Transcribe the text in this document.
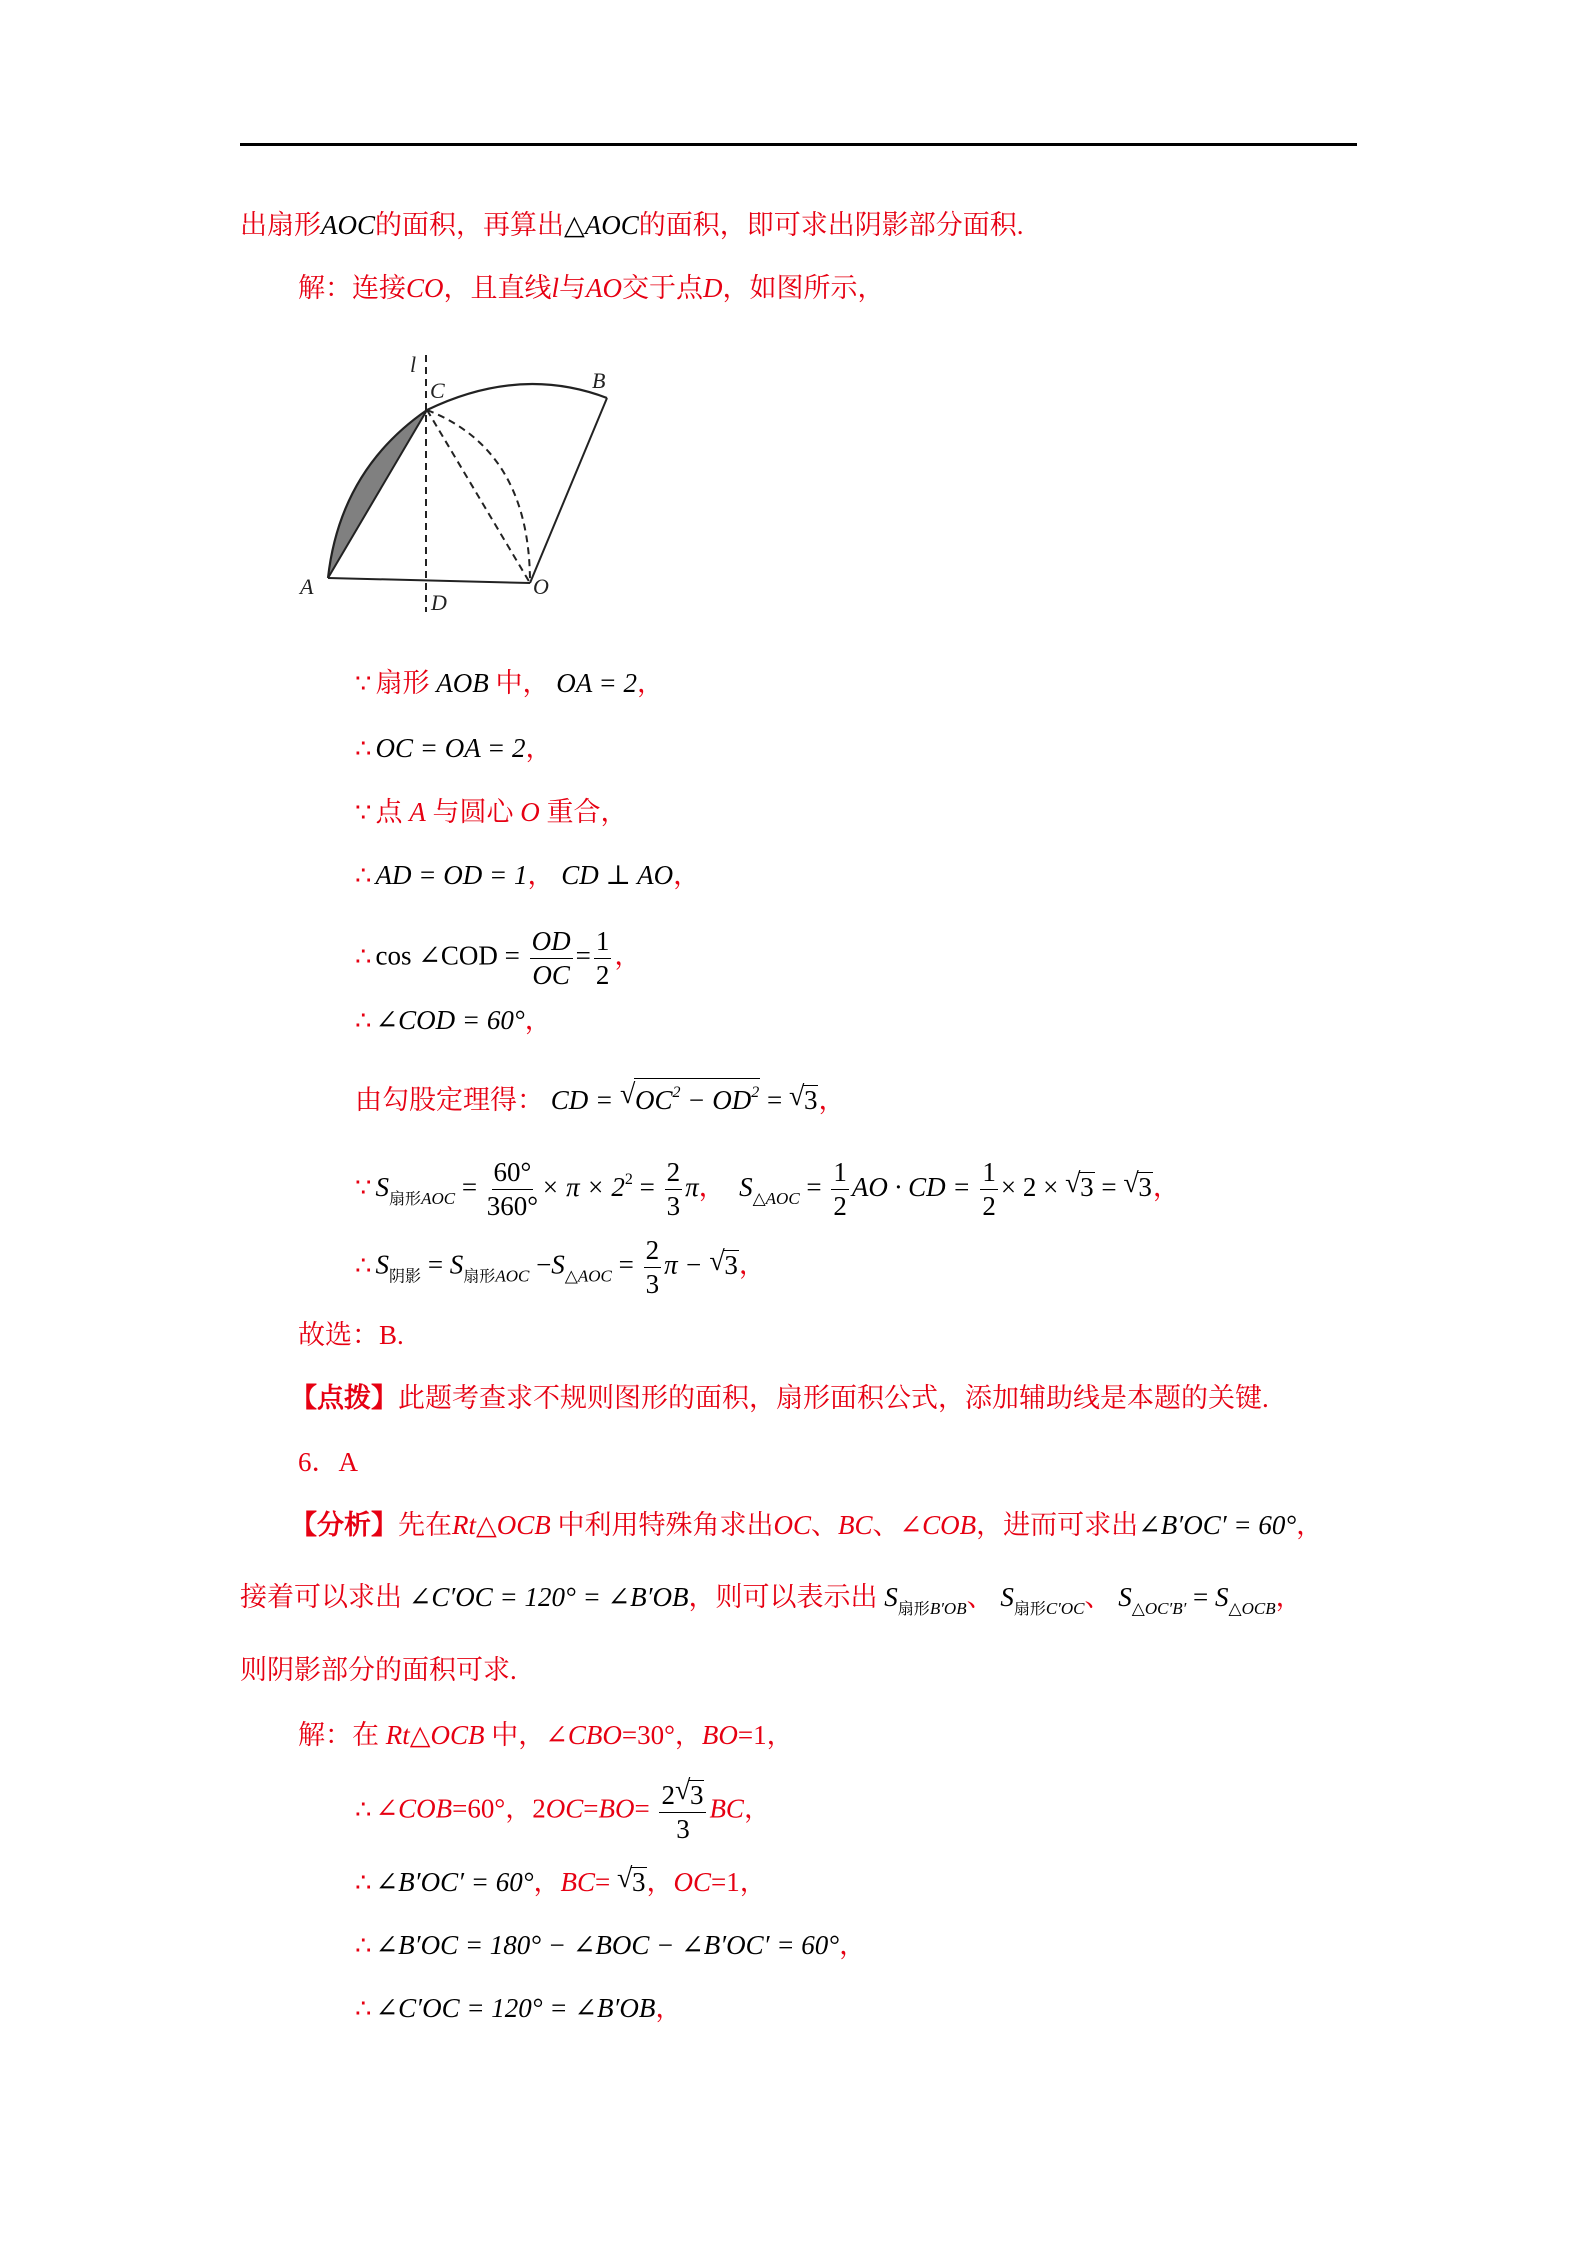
出扇形AOC的面积，再算出△AOC的面积，即可求出阴影部分面积.
解：连接CO，且直线l与AO交于点D，如图所示，
l
C	B
A	O
D
∵ 扇形 AOB 中， OA = 2，
∴ OC = OA = 2，
∵ 点 A 与圆心 O 重合，
∴ AD = OD = 1， CD ⊥ AO，
∴ cos ∠COD = $\frac{OD}{OC} = \frac{1}{2}$ ，
∴ ∠COD = 60°，
由勾股定理得： CD = √ $OC^2 - OD^2$ = √ 3，
∵ $S_{扇形AOC} = \frac{60^\circ}{360^\circ} \times \pi \times 2^2 = \frac{2}{3}$ π， $S_{\triangle AOC} = \frac{1}{2}$ AO · CD = $\frac{1}{2} \times 2$ × √ 3 = √ 3，
∴ $S_{阴影} = S_{扇形AOC} -S_{\triangle AOC} = \frac{2}{3}$ π − √ 3，
故选：B.
【点拨】此题考查求不规则图形的面积，扇形面积公式，添加辅助线是本题的关键.
6．A
【分析】先在Rt△OCB 中利用特殊角求出OC、BC、∠COB，进而可求出∠B′OC′ = 60°，
接着可以求出 ∠C′OC = 120° = ∠B′OB，则可以表示出 $S_{扇形B'OB}$、 $S_{扇形C'OC}$、 $S_{\triangle OC'B'} = S_{\triangle OCB}$，
则阴影部分的面积可求.
解：在 Rt△OCB 中，∠CBO=30°，BO=1，
∴ ∠COB=60°，$2OC=BO= \frac{2 √ 3}{3}$ BC，
∴ ∠B′OC′ = 60°，BC= √ 3，OC=1，
∴ ∠B′OC = 180° − ∠BOC − ∠B′OC′ = 60°，
∴ ∠C′OC = 120° = ∠B′OB，
